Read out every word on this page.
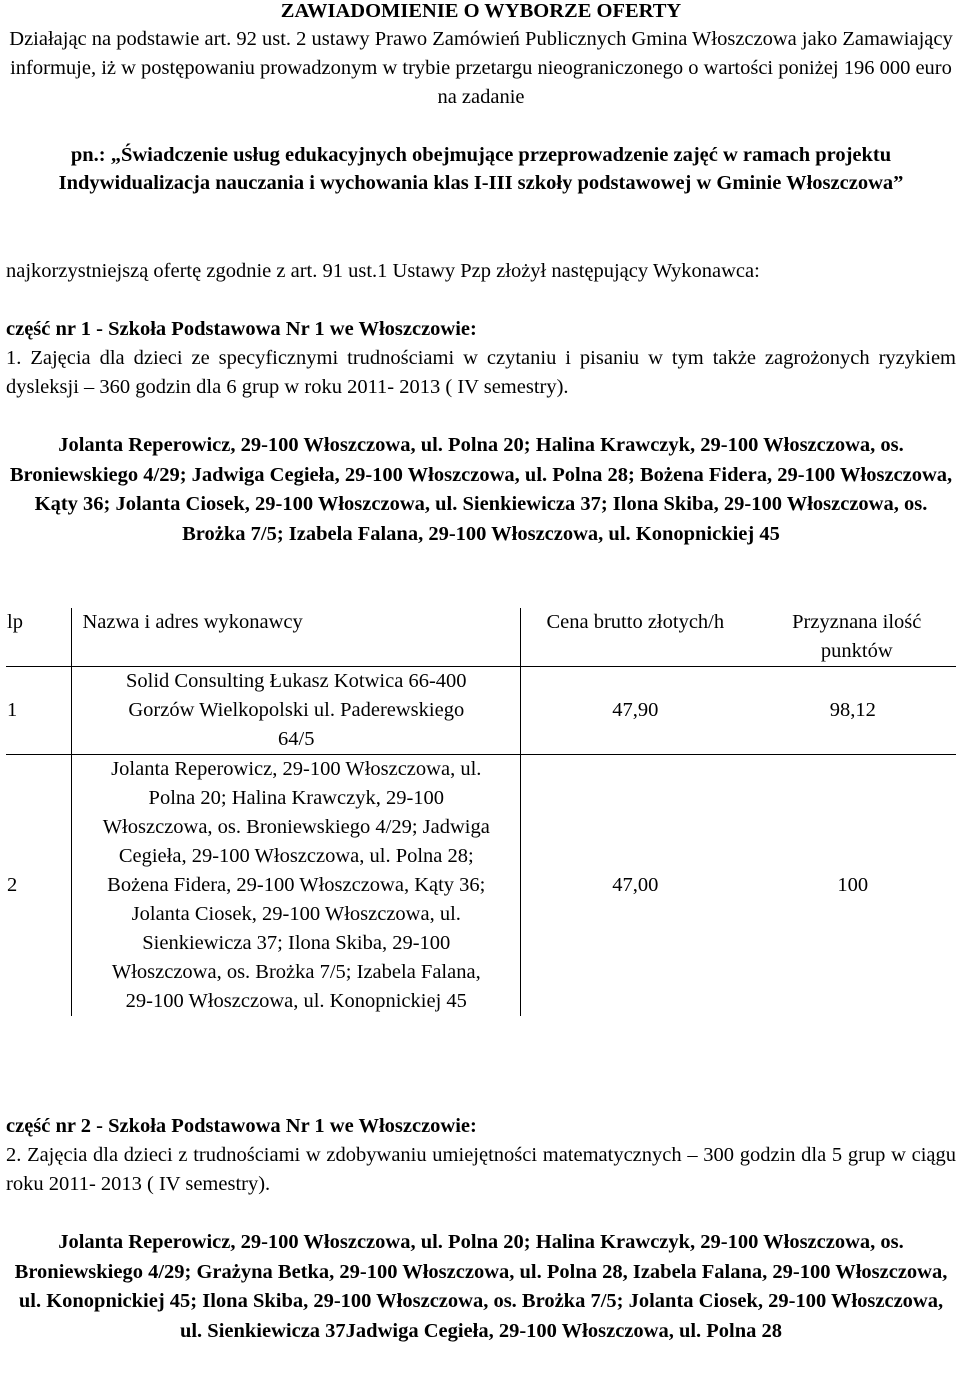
ZAWIADOMIENIE O WYBORZE OFERTY
Działając na podstawie art. 92 ust. 2 ustawy Prawo Zamówień Publicznych Gmina Włoszczowa jako Zamawiający informuje, iż w postępowaniu prowadzonym w trybie przetargu nieograniczonego o wartości poniżej 196 000 euro na zadanie
pn.: „Świadczenie usług edukacyjnych obejmujące przeprowadzenie zajęć w ramach projektu Indywidualizacja nauczania i wychowania klas I-III szkoły podstawowej w Gminie Włoszczowa”
najkorzystniejszą ofertę zgodnie z art. 91 ust.1 Ustawy Pzp złożył następujący Wykonawca:
część nr 1 - Szkoła Podstawowa Nr 1 we Włoszczowie:
1. Zajęcia dla dzieci ze specyficznymi trudnościami w czytaniu i pisaniu w tym także zagrożonych ryzykiem dysleksji – 360 godzin dla 6 grup w roku 2011- 2013 ( IV semestry).
Jolanta Reperowicz, 29-100 Włoszczowa, ul. Polna 20; Halina Krawczyk, 29-100 Włoszczowa, os. Broniewskiego 4/29; Jadwiga Cegieła, 29-100 Włoszczowa, ul. Polna 28; Bożena Fidera, 29-100 Włoszczowa, Kąty 36; Jolanta Ciosek, 29-100 Włoszczowa, ul. Sienkiewicza 37; Ilona Skiba, 29-100 Włoszczowa, os. Brożka 7/5; Izabela Falana, 29-100 Włoszczowa, ul. Konopnickiej 45
lp	Nazwa i adres wykonawcy	Cena brutto złotych/h	Przyznana ilość punktów
1	Solid Consulting Łukasz Kotwica 66-400 Gorzów Wielkopolski ul. Paderewskiego 64/5	47,90	98,12
2	Jolanta Reperowicz, 29-100 Włoszczowa, ul. Polna 20; Halina Krawczyk, 29-100 Włoszczowa, os. Broniewskiego 4/29; Jadwiga Cegieła, 29-100 Włoszczowa, ul. Polna 28; Bożena Fidera, 29-100 Włoszczowa, Kąty 36; Jolanta Ciosek, 29-100 Włoszczowa, ul. Sienkiewicza 37; Ilona Skiba, 29-100 Włoszczowa, os. Brożka 7/5; Izabela Falana, 29-100 Włoszczowa, ul. Konopnickiej 45	47,00	100
część nr 2 - Szkoła Podstawowa Nr 1 we Włoszczowie:
2. Zajęcia dla dzieci z trudnościami w zdobywaniu umiejętności matematycznych – 300 godzin dla 5 grup w ciągu roku 2011- 2013 ( IV semestry).
Jolanta Reperowicz, 29-100 Włoszczowa, ul. Polna 20; Halina Krawczyk, 29-100 Włoszczowa, os. Broniewskiego 4/29; Grażyna Betka, 29-100 Włoszczowa, ul. Polna 28, Izabela Falana, 29-100 Włoszczowa, ul. Konopnickiej 45; Ilona Skiba, 29-100 Włoszczowa, os. Brożka 7/5; Jolanta Ciosek, 29-100 Włoszczowa, ul. Sienkiewicza 37Jadwiga Cegieła, 29-100 Włoszczowa, ul. Polna 28
